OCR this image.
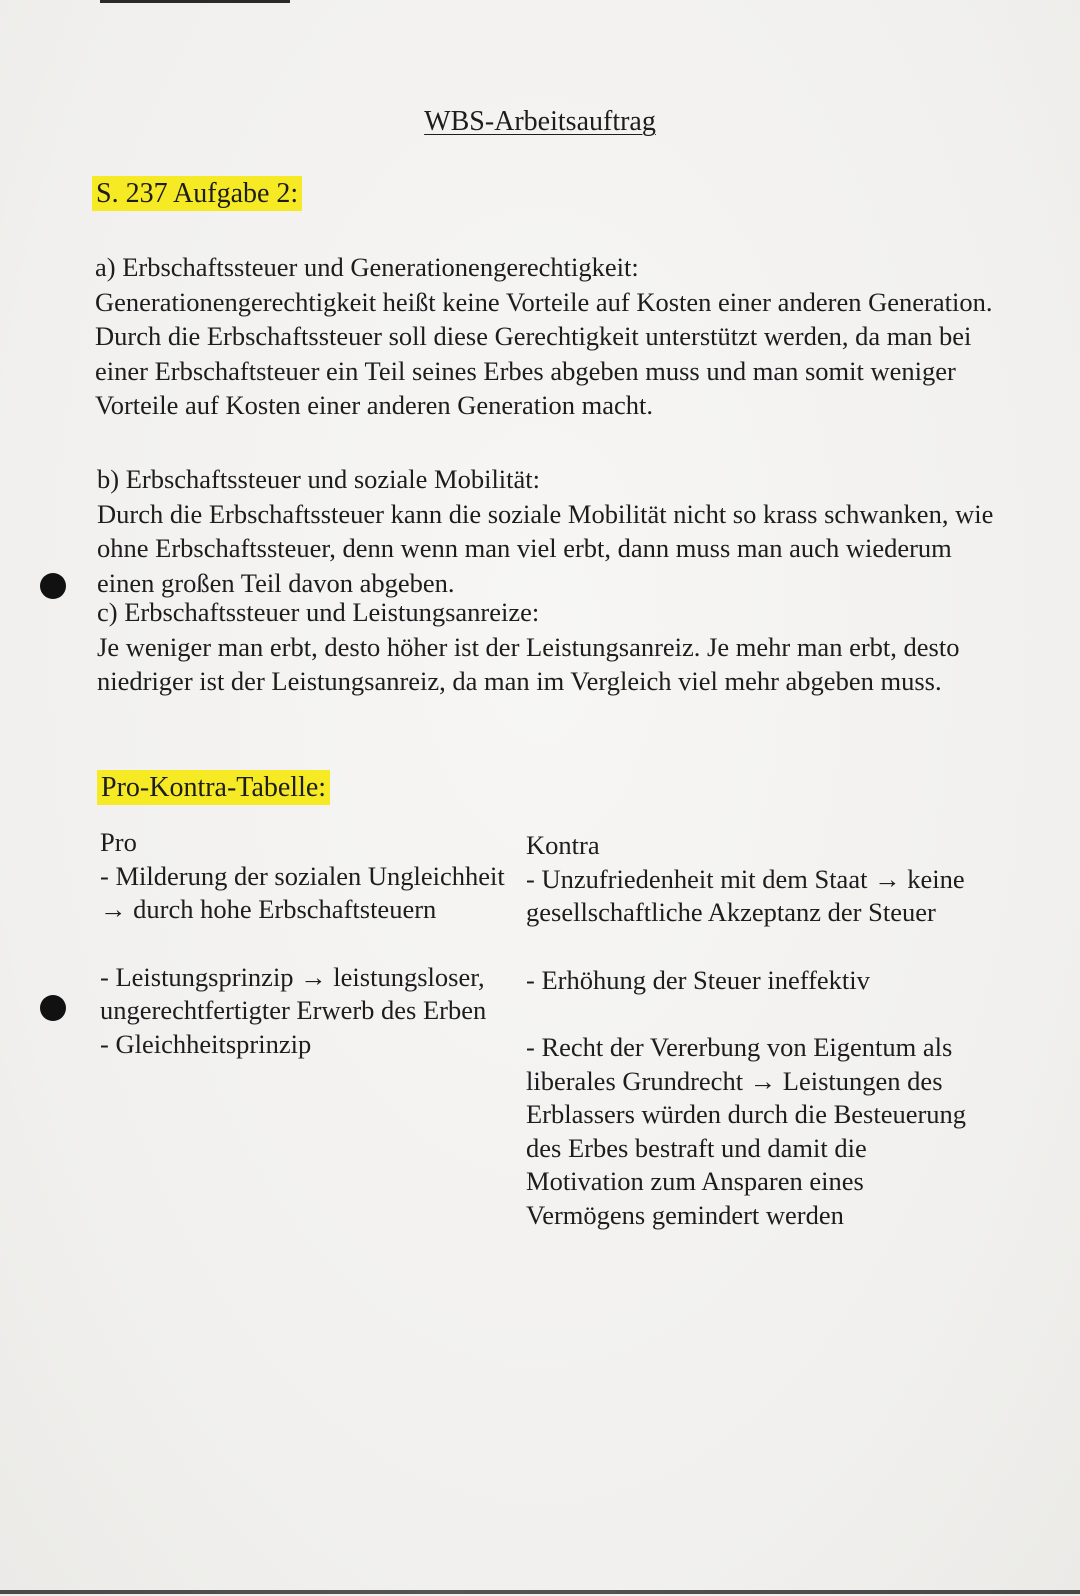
WBS-Arbeitsauftrag
S. 237 Aufgabe 2:

a) Erbschaftssteuer und Generationengerechtigkeit:

Generationengerechtigkeit heißt keine Vorteile auf Kosten einer anderen Generation. Durch die Erbschaftssteuer soll diese Gerechtigkeit unterstützt werden, da man bei einer Erbschaftsteuer ein Teil seines Erbes abgeben muss und man somit weniger Vorteile auf Kosten einer anderen Generation macht.

b) Erbschaftssteuer und soziale Mobilität:

Durch die Erbschaftssteuer kann die soziale Mobilität nicht so krass schwanken, wie ohne Erbschaftssteuer, denn wenn man viel erbt, dann muss man auch wiederum einen großen Teil davon abgeben.

c) Erbschaftssteuer und Leistungsanreize:

Je weniger man erbt, desto höher ist der Leistungsanreiz. Je mehr man erbt, desto niedriger ist der Leistungsanreiz, da man im Vergleich viel mehr abgeben muss.

Pro-Kontra-Tabelle:

Pro

- Milderung der sozialen Ungleichheit → durch hohe Erbschaftsteuern

- Leistungsprinzip → leistungsloser, ungerechtfertigter Erwerb des Erben

- Gleichheitsprinzip

Kontra

- Unzufriedenheit mit dem Staat → keine gesellschaftliche Akzeptanz der Steuer

- Erhöhung der Steuer ineffektiv

- Recht der Vererbung von Eigentum als liberales Grundrecht → Leistungen des Erblassers würden durch die Besteuerung des Erbes bestraft und damit die Motivation zum Ansparen eines Vermögens gemindert werden
